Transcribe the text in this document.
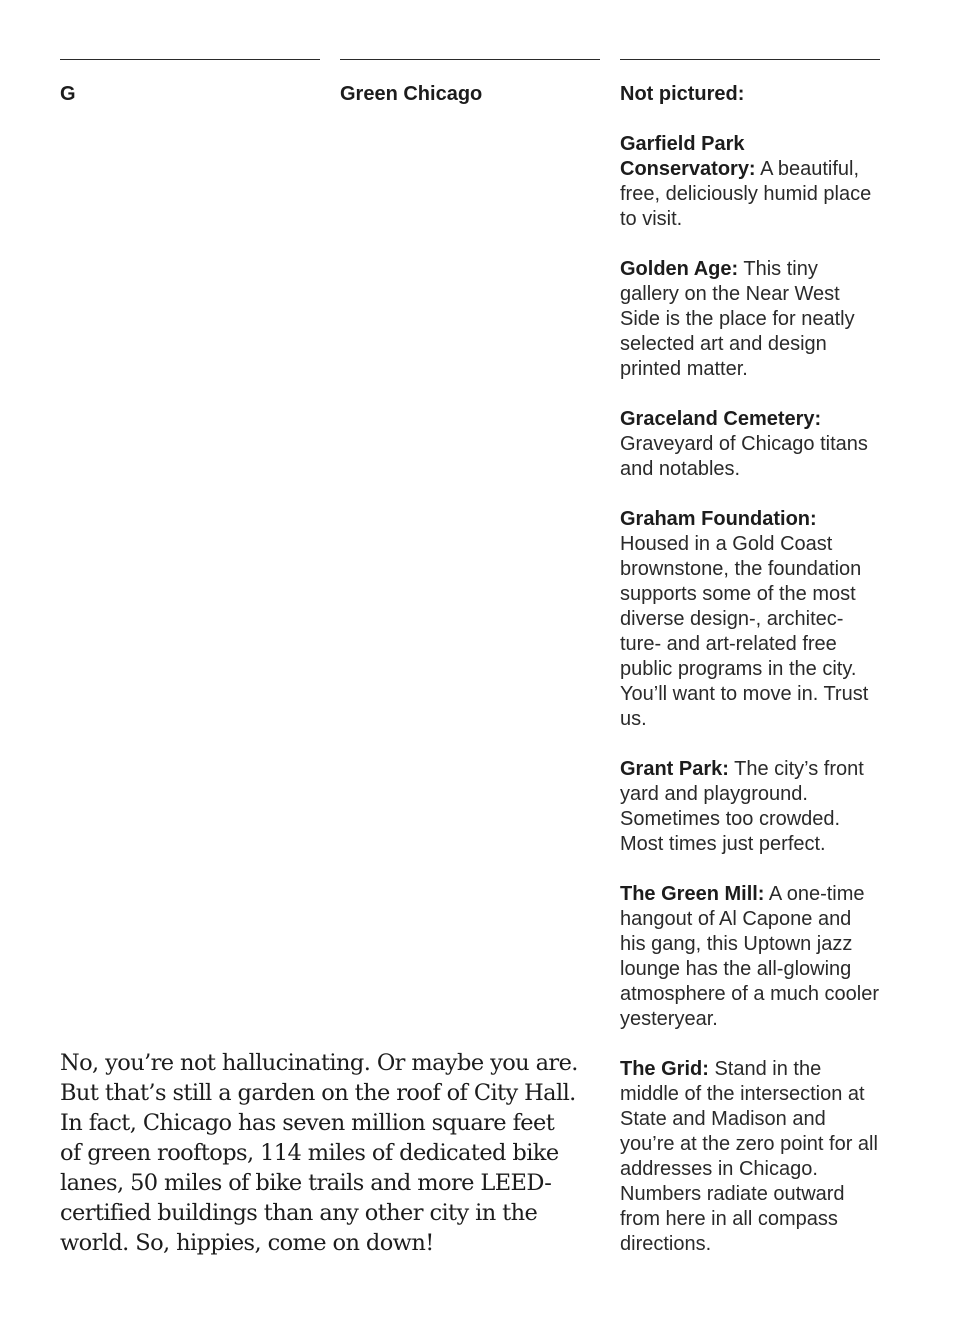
G	Green Chicago	Not pictured:

Garfield Park Conservatory: A beautiful, free, deliciously humid place to visit.

Golden Age: This tiny gallery on the Near West Side is the place for neatly selected art and design printed matter.

Graceland Cemetery: Graveyard of Chicago titans and notables.

Graham Foundation: Housed in a Gold Coast brownstone, the foundation supports some of the most diverse design-, architec-ture- and art-related free public programs in the city. You’ll want to move in. Trust us.

Grant Park: The city’s front yard and playground. Sometimes too crowded. Most times just perfect.

The Green Mill: A one-time hangout of Al Capone and his gang, this Uptown jazz lounge has the all-glowing atmosphere of a much cooler yesteryear.

The Grid: Stand in the middle of the intersection at State and Madison and you’re at the zero point for all addresses in Chicago. Numbers radiate outward from here in all compass directions.

No, you’re not hallucinating. Or maybe you are. But that’s still a garden on the roof of City Hall. In fact, Chicago has seven million square feet of green rooftops, 114 miles of dedicated bike lanes, 50 miles of bike trails and more LEED-certified buildings than any other city in the world. So, hippies, come on down!
